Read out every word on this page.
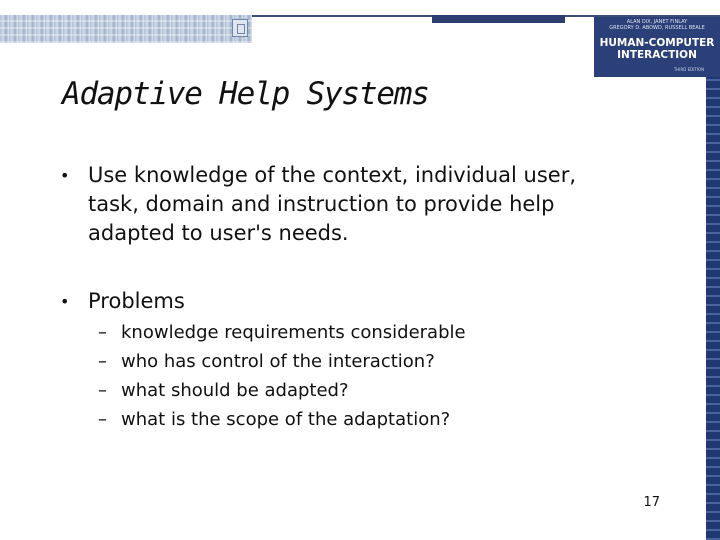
ALAN DIX, JANET FINLAY
GREGORY D. ABOWD, RUSSELL BEALE
HUMAN-COMPUTER
INTERACTION
THIRD EDITION
Adaptive Help Systems
• Use knowledge of the context, individual user,
task, domain and instruction to provide help
adapted to user's needs.
• Problems
– knowledge requirements considerable
– who has control of the interaction?
– what should be adapted?
– what is the scope of the adaptation?
17
